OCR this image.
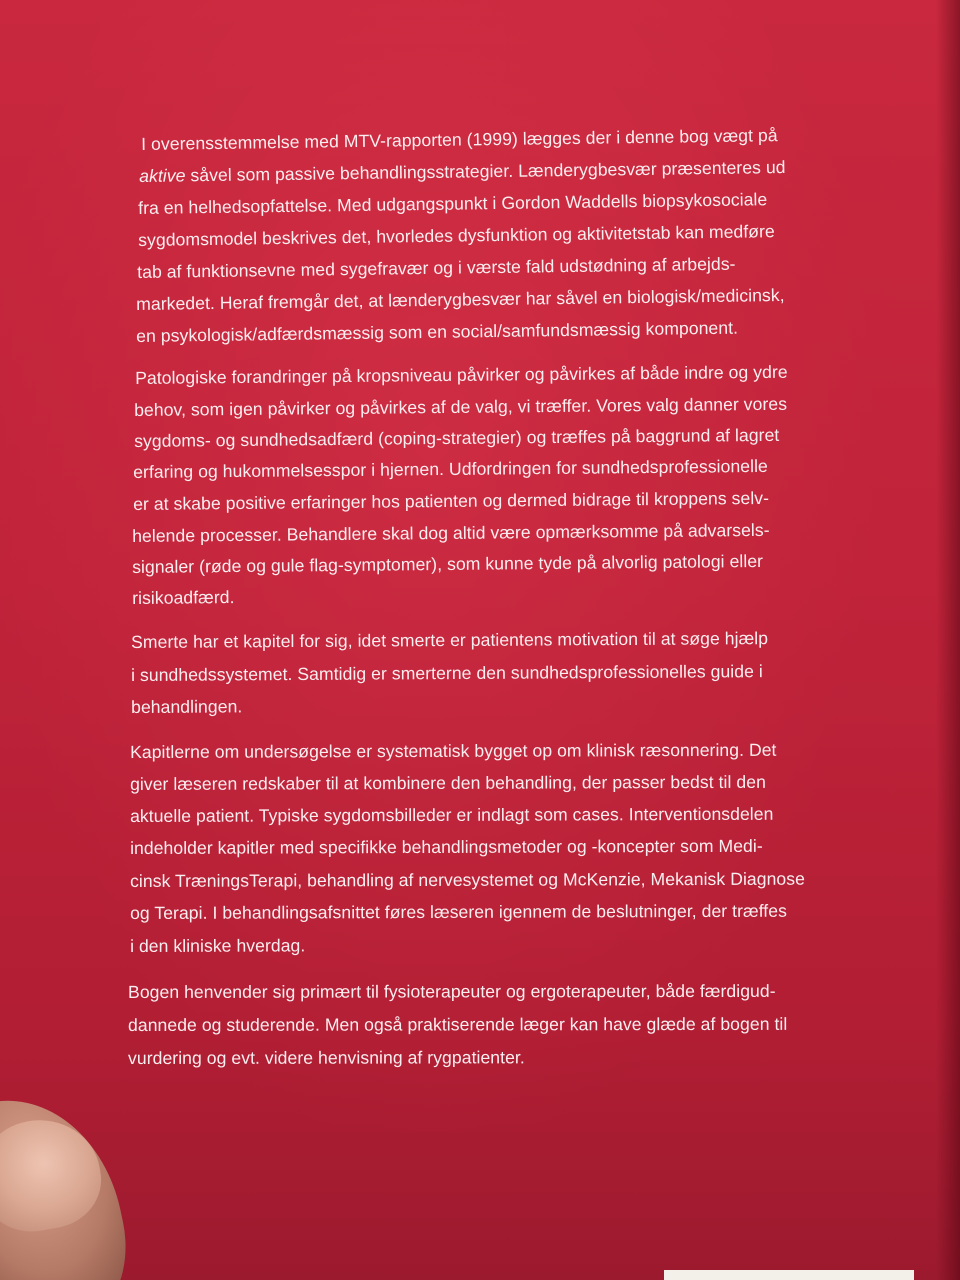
I overensstemmelse med MTV-rapporten (1999) lægges der i denne bog vægt på
aktive såvel som passive behandlingsstrategier. Lænderygbesvær præsenteres ud
fra en helhedsopfattelse. Med udgangspunkt i Gordon Waddells biopsykosociale
sygdomsmodel beskrives det, hvorledes dysfunktion og aktivitetstab kan medføre
tab af funktionsevne med sygefravær og i værste fald udstødning af arbejds-
markedet. Heraf fremgår det, at lænderygbesvær har såvel en biologisk/medicinsk,
en psykologisk/adfærdsmæssig som en social/samfundsmæssig komponent.
Patologiske forandringer på kropsniveau påvirker og påvirkes af både indre og ydre
behov, som igen påvirker og påvirkes af de valg, vi træffer. Vores valg danner vores
sygdoms- og sundhedsadfærd (coping-strategier) og træffes på baggrund af lagret
erfaring og hukommelsesspor i hjernen. Udfordringen for sundhedsprofessionelle
er at skabe positive erfaringer hos patienten og dermed bidrage til kroppens selv-
helende processer. Behandlere skal dog altid være opmærksomme på advarsels-
signaler (røde og gule flag-symptomer), som kunne tyde på alvorlig patologi eller
risikoadfærd.
Smerte har et kapitel for sig, idet smerte er patientens motivation til at søge hjælp
i sundhedssystemet. Samtidig er smerterne den sundhedsprofessionelles guide i
behandlingen.
Kapitlerne om undersøgelse er systematisk bygget op om klinisk ræsonnering. Det
giver læseren redskaber til at kombinere den behandling, der passer bedst til den
aktuelle patient. Typiske sygdomsbilleder er indlagt som cases. Interventionsdelen
indeholder kapitler med specifikke behandlingsmetoder og -koncepter som Medi-
cinsk TræningsTerapi, behandling af nervesystemet og McKenzie, Mekanisk Diagnose
og Terapi. I behandlingsafsnittet føres læseren igennem de beslutninger, der træffes
i den kliniske hverdag.
Bogen henvender sig primært til fysioterapeuter og ergoterapeuter, både færdigud-
dannede og studerende. Men også praktiserende læger kan have glæde af bogen til
vurdering og evt. videre henvisning af rygpatienter.
